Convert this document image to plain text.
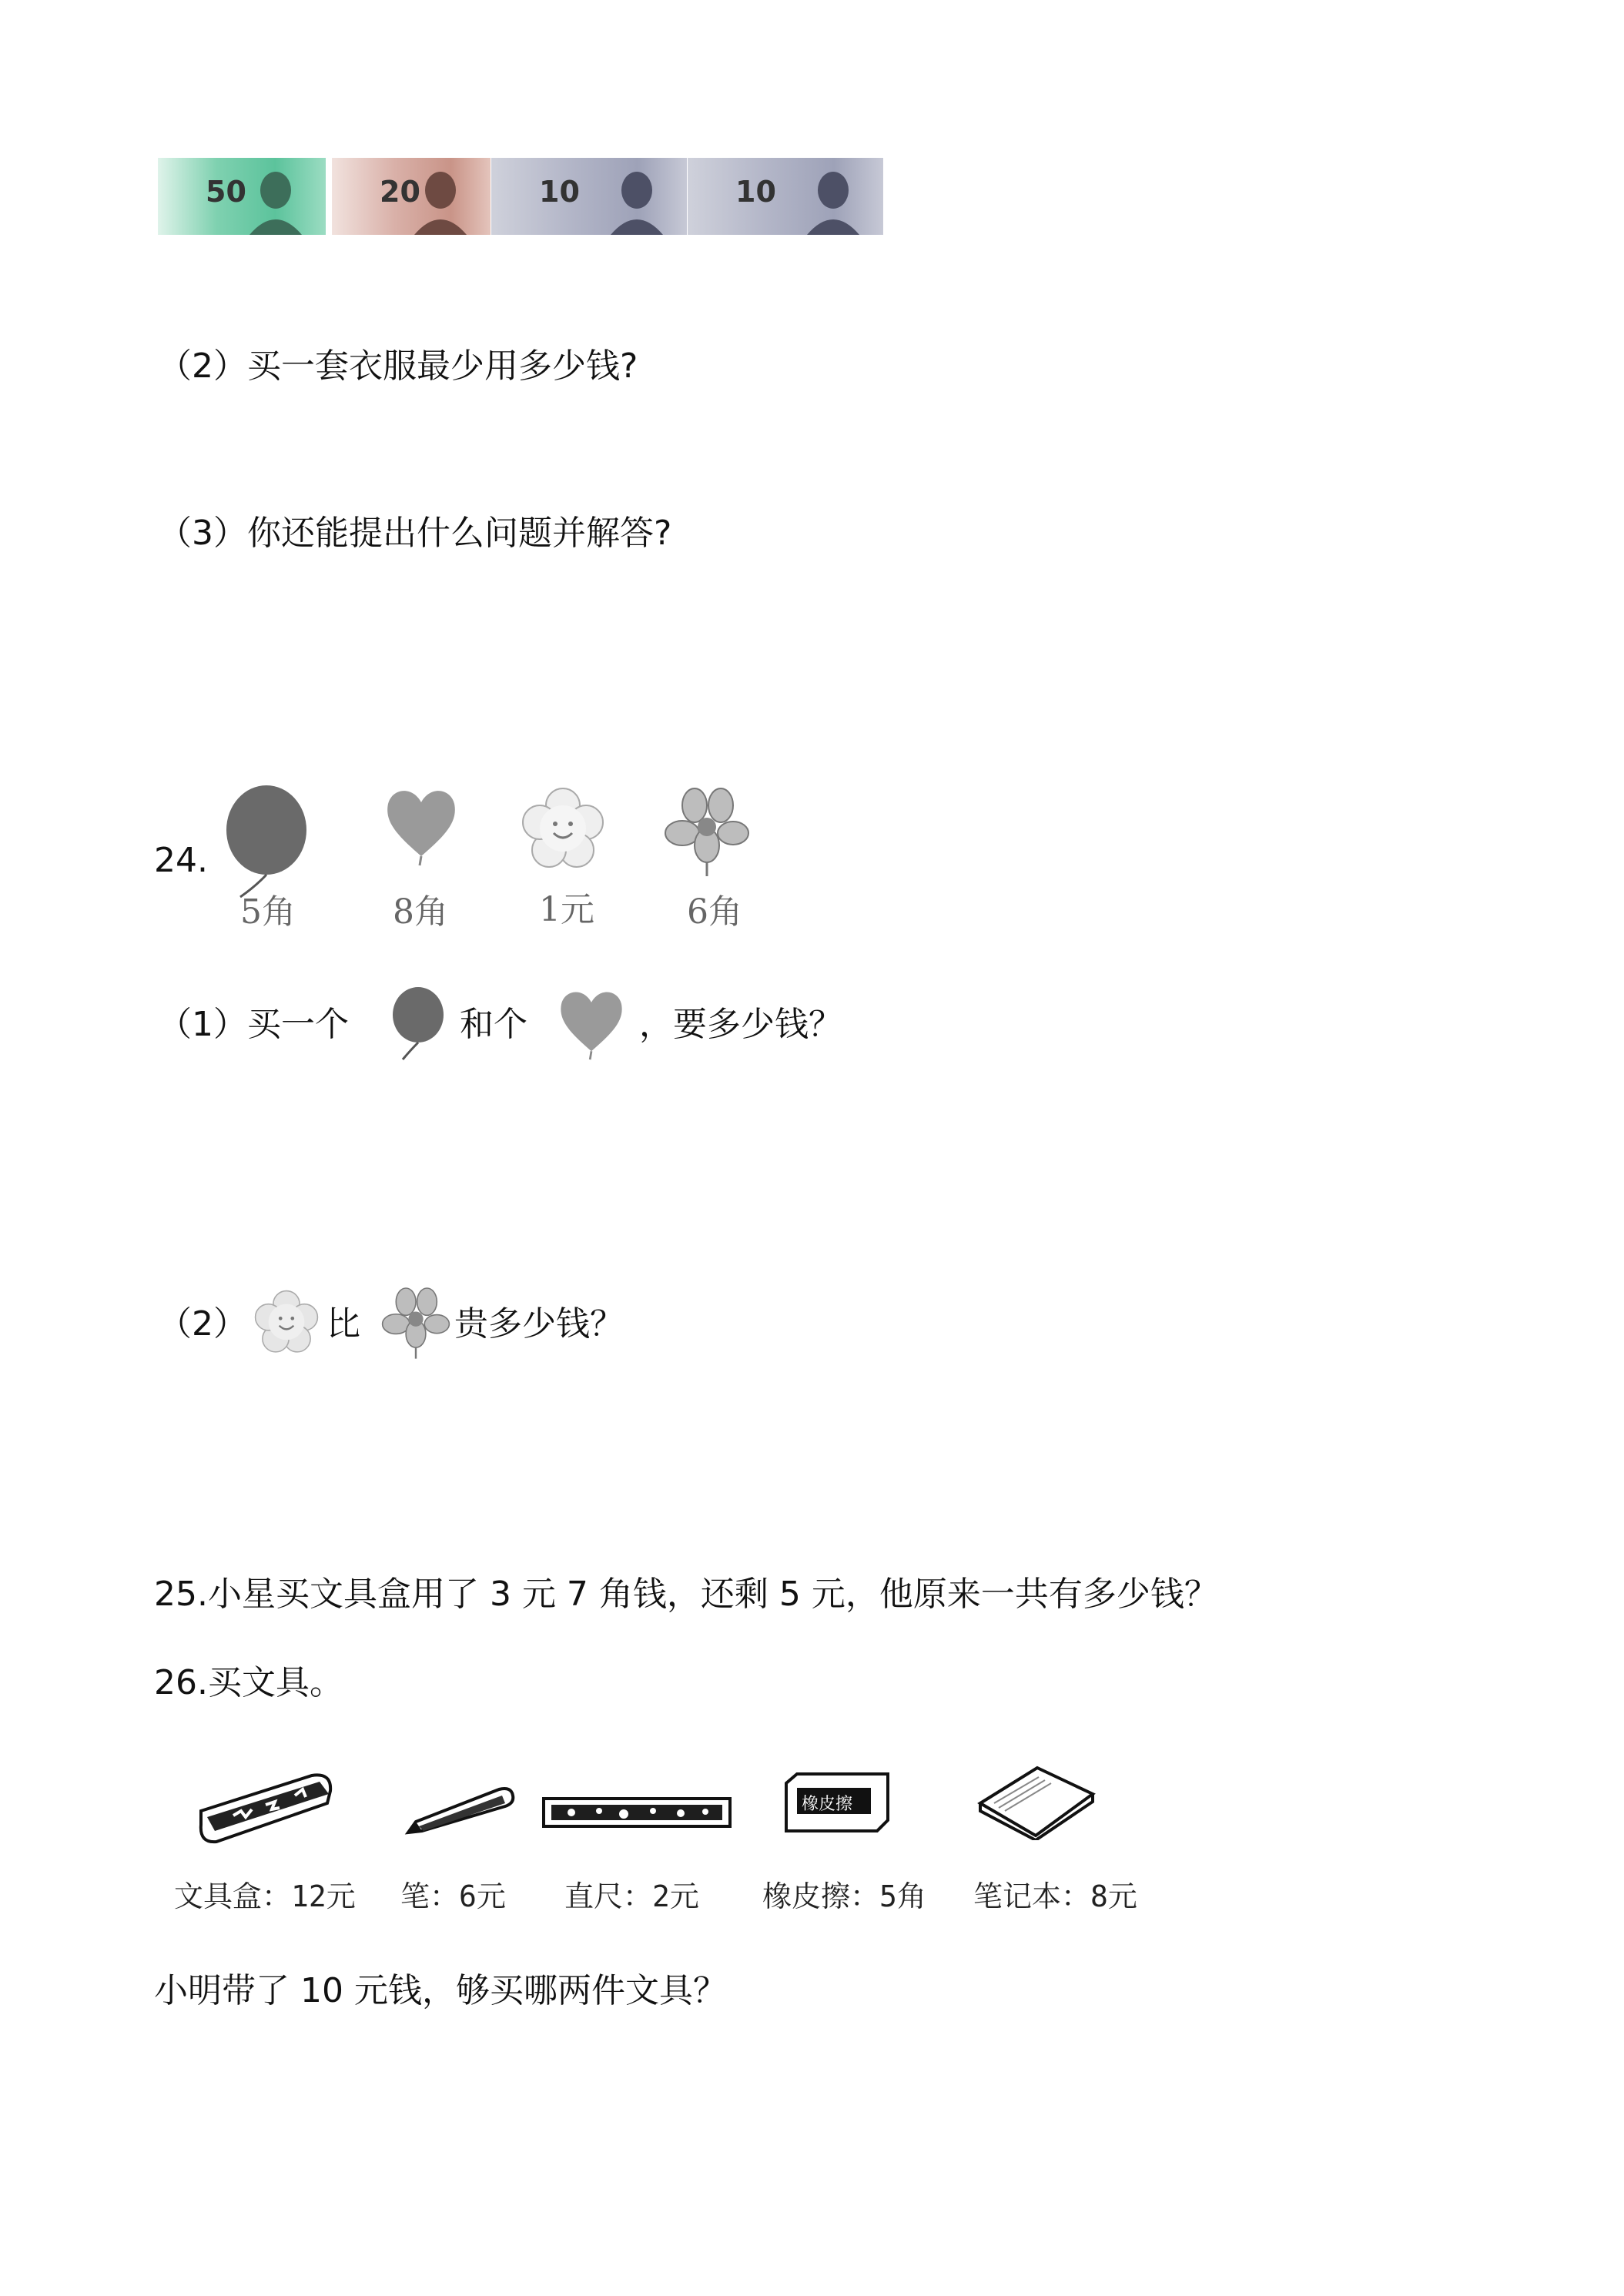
50	20	10	10
（2）买一套衣服最少用多少钱?
（3）你还能提出什么问题并解答?
24.
5角	8角	1元	6角
（1）买一个	和个	，要多少钱？
（2） 比	贵多少钱？
25.小星买文具盒用了 3 元 7 角钱，还剩 5 元，他原来一共有多少钱？
26.买文具。
橡皮擦
文具盒：12元 笔：6元 直尺：2元 橡皮擦：5角 笔记本：8元
小明带了 10 元钱，够买哪两件文具？
